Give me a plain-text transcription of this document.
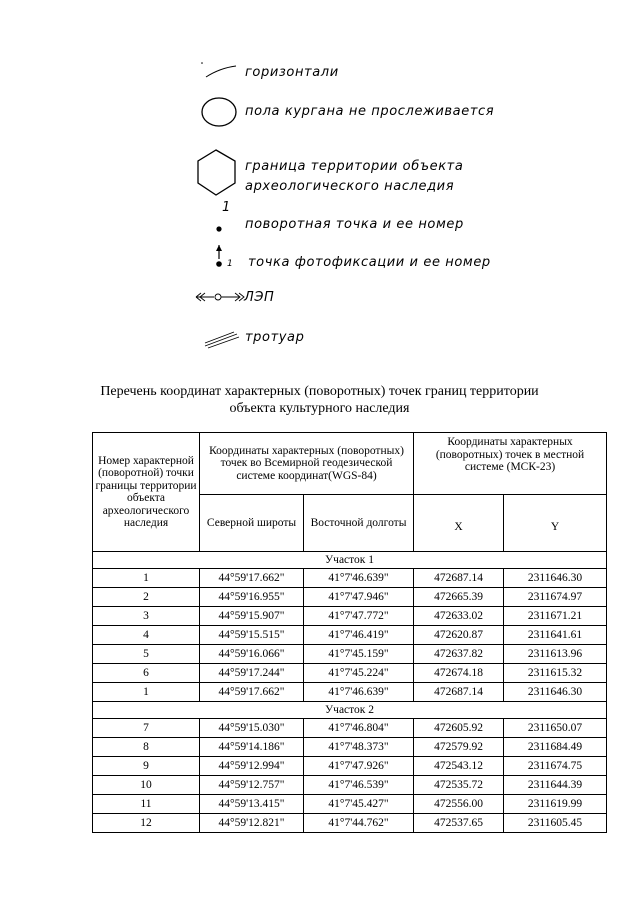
горизонтали
пола кургана не прослеживается
граница территории объекта
археологического наследия
1
поворотная точка и ее номер
1 точка фотофиксации и ее номер
ЛЭП
тротуар
Перечень координат характерных (поворотных) точек границ территории
объекта культурного наследия
Номер характерной (поворотной) точки границы территории объекта археологического наследия	Координаты характерных (поворотных) точек во Всемирной геодезической системе координат(WGS-84)		Координаты характерных (поворотных) точек в местной системе (МСК-23)	
	Северной широты	Восточной долготы	X	Y
Участок 1				
1	44°59'17.662"	41°7'46.639"	472687.14	2311646.30
2	44°59'16.955"	41°7'47.946"	472665.39	2311674.97
3	44°59'15.907"	41°7'47.772"	472633.02	2311671.21
4	44°59'15.515"	41°7'46.419"	472620.87	2311641.61
5	44°59'16.066"	41°7'45.159"	472637.82	2311613.96
6	44°59'17.244"	41°7'45.224"	472674.18	2311615.32
1	44°59'17.662"	41°7'46.639"	472687.14	2311646.30
Участок 2				
7	44°59'15.030"	41°7'46.804"	472605.92	2311650.07
8	44°59'14.186"	41°7'48.373"	472579.92	2311684.49
9	44°59'12.994"	41°7'47.926"	472543.12	2311674.75
10	44°59'12.757"	41°7'46.539"	472535.72	2311644.39
11	44°59'13.415"	41°7'45.427"	472556.00	2311619.99
12	44°59'12.821"	41°7'44.762"	472537.65	2311605.45
